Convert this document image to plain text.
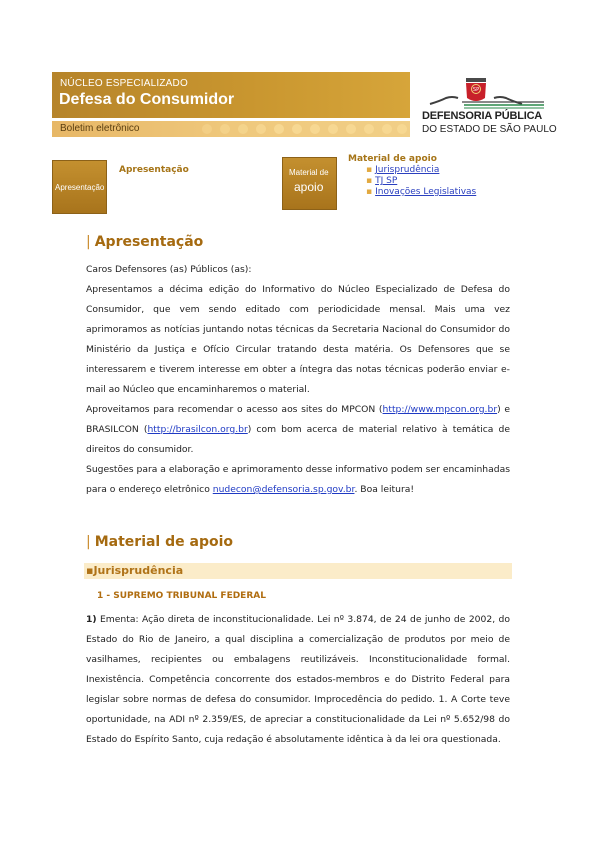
NÚCLEO ESPECIALIZADO
Defesa do Consumidor
Boletim eletrônico
SP
DEFENSORIA PÚBLICA
DO ESTADO DE SÃO PAULO
Apresentação
Apresentação	Material de
apoio
Material de apoio
▪ Jurisprudência
▪ TJ SP
▪ Inovações Legislativas
| Apresentação
Caros Defensores (as) Públicos (as):
Apresentamos a décima edição do Informativo do Núcleo Especializado de Defesa do Consumidor, que vem sendo editado com periodicidade mensal. Mais uma vez aprimoramos as notícias juntando notas técnicas da Secretaria Nacional do Consumidor do Ministério da Justiça e Ofício Circular tratando desta matéria. Os Defensores que se interessarem e tiverem interesse em obter a íntegra das notas técnicas poderão enviar e-mail ao Núcleo que encaminharemos o material.
Aproveitamos para recomendar o acesso aos sites do MPCON (http://www.mpcon.org.br) e BRASILCON (http://brasilcon.org.br) com bom acerca de material relativo à temática de direitos do consumidor.
Sugestões para a elaboração e aprimoramento desse informativo podem ser encaminhadas para o endereço eletrônico nudecon@defensoria.sp.gov.br. Boa leitura!
| Material de apoio
▪Jurisprudência
1 - SUPREMO TRIBUNAL FEDERAL
1) Ementa: Ação direta de inconstitucionalidade. Lei nº 3.874, de 24 de junho de 2002, do Estado do Rio de Janeiro, a qual disciplina a comercialização de produtos por meio de vasilhames, recipientes ou embalagens reutilizáveis. Inconstitucionalidade formal. Inexistência. Competência concorrente dos estados-membros e do Distrito Federal para legislar sobre normas de defesa do consumidor. Improcedência do pedido. 1. A Corte teve oportunidade, na ADI nº 2.359/ES, de apreciar a constitucionalidade da Lei nº 5.652/98 do Estado do Espírito Santo, cuja redação é absolutamente idêntica à da lei ora questionada.
